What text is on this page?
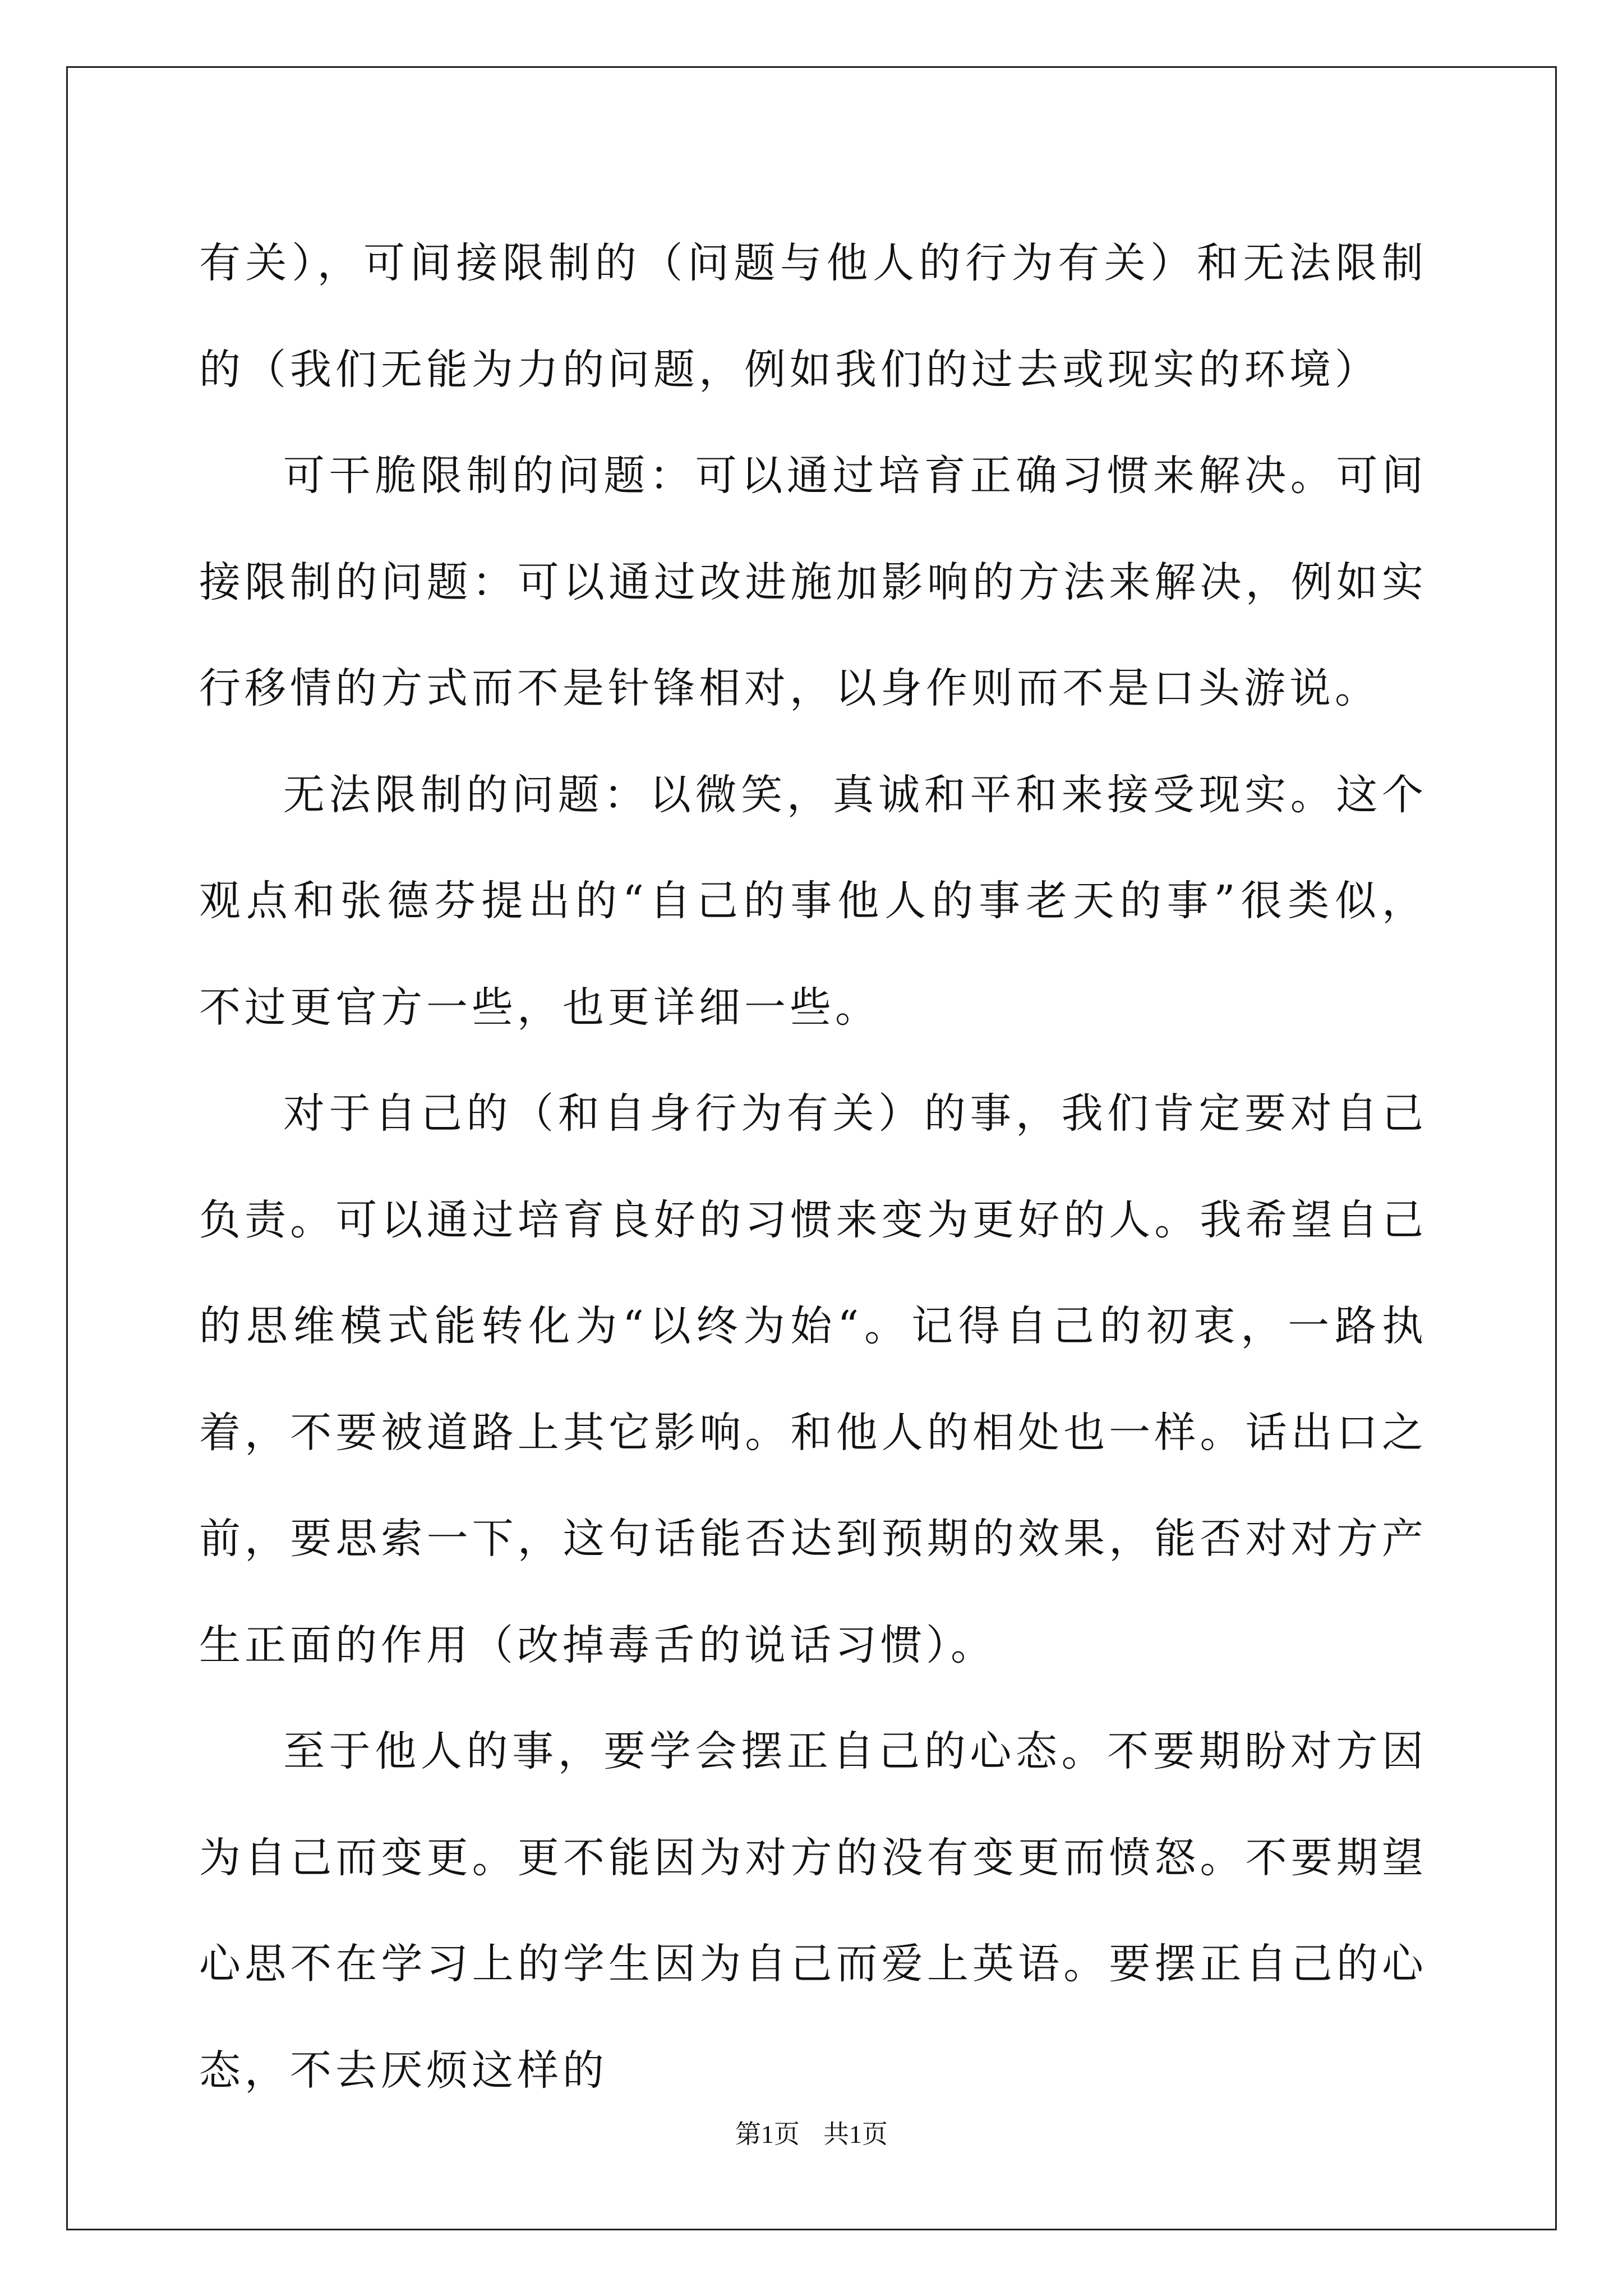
有关），可间接限制的（问题与他人的行为有关）和无法限制的（我们无能为力的问题，例如我们的过去或现实的环境）

可干脆限制的问题：可以通过培育正确习惯来解决。可间接限制的问题：可以通过改进施加影响的方法来解决，例如实行移情的方式而不是针锋相对，以身作则而不是口头游说。

无法限制的问题：以微笑，真诚和平和来接受现实。这个观点和张德芬提出的“自己的事他人的事老天的事”很类似，不过更官方一些，也更详细一些。

对于自己的（和自身行为有关）的事，我们肯定要对自己负责。可以通过培育良好的习惯来变为更好的人。我希望自己的思维模式能转化为“以终为始“。记得自己的初衷，一路执着，不要被道路上其它影响。和他人的相处也一样。话出口之前，要思索一下，这句话能否达到预期的效果，能否对对方产生正面的作用（改掉毒舌的说话习惯）。

至于他人的事，要学会摆正自己的心态。不要期盼对方因为自己而变更。更不能因为对方的没有变更而愤怒。不要期望心思不在学习上的学生因为自己而爱上英语。要摆正自己的心态，不去厌烦这样的

第1页 共1页
